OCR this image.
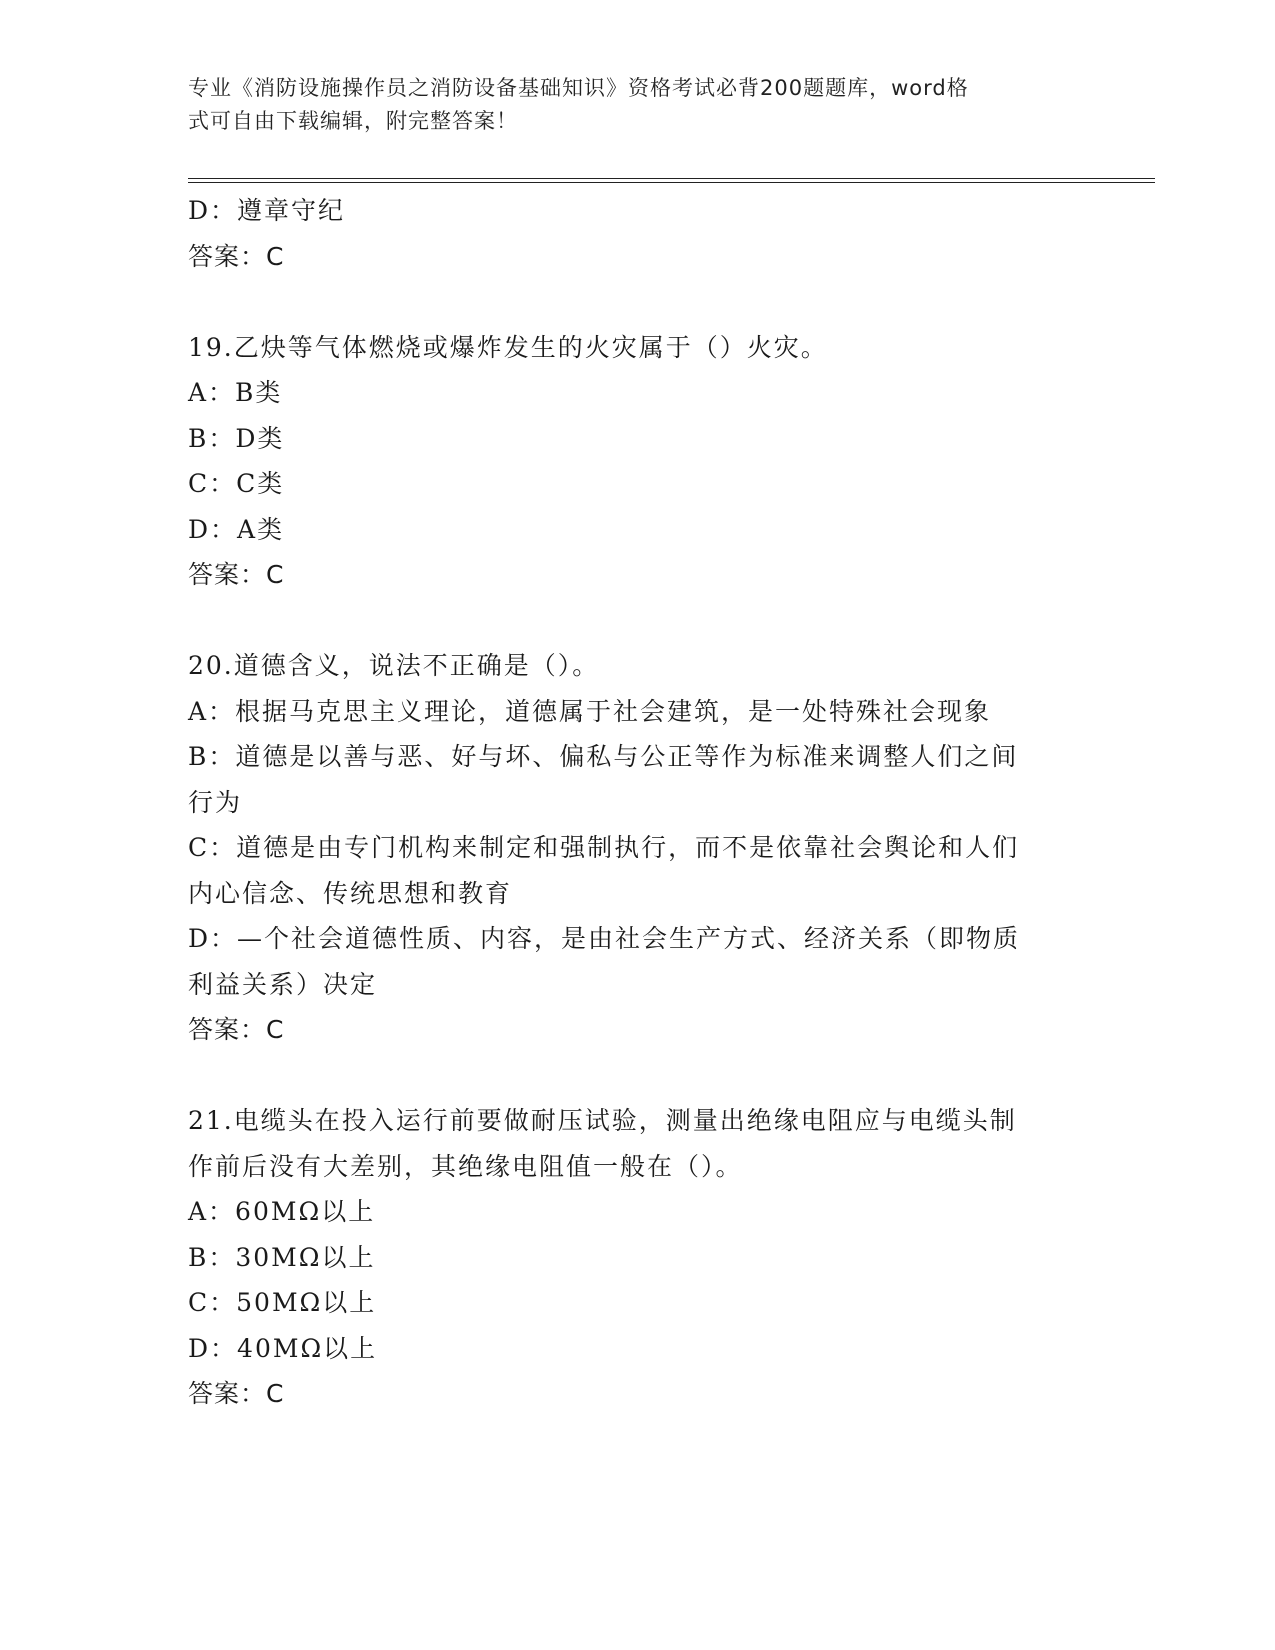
专业《消防设施操作员之消防设备基础知识》资格考试必背200题题库，word格
式可自由下载编辑，附完整答案！
D：遵章守纪
答案：C
19.乙炔等气体燃烧或爆炸发生的火灾属于（）火灾。
A：B类
B：D类
C：C类
D：A类
答案：C
20.道德含义，说法不正确是（）。
A：根据马克思主义理论，道德属于社会建筑，是一处特殊社会现象
B：道德是以善与恶、好与坏、偏私与公正等作为标准来调整人们之间
行为
C：道德是由专门机构来制定和强制执行，而不是依靠社会舆论和人们
内心信念、传统思想和教育
D：—个社会道德性质、内容，是由社会生产方式、经济关系（即物质
利益关系）决定
答案：C
21.电缆头在投入运行前要做耐压试验，测量出绝缘电阻应与电缆头制
作前后没有大差别，其绝缘电阻值一般在（）。
A：60MΩ以上
B：30MΩ以上
C：50MΩ以上
D：40MΩ以上
答案：C
